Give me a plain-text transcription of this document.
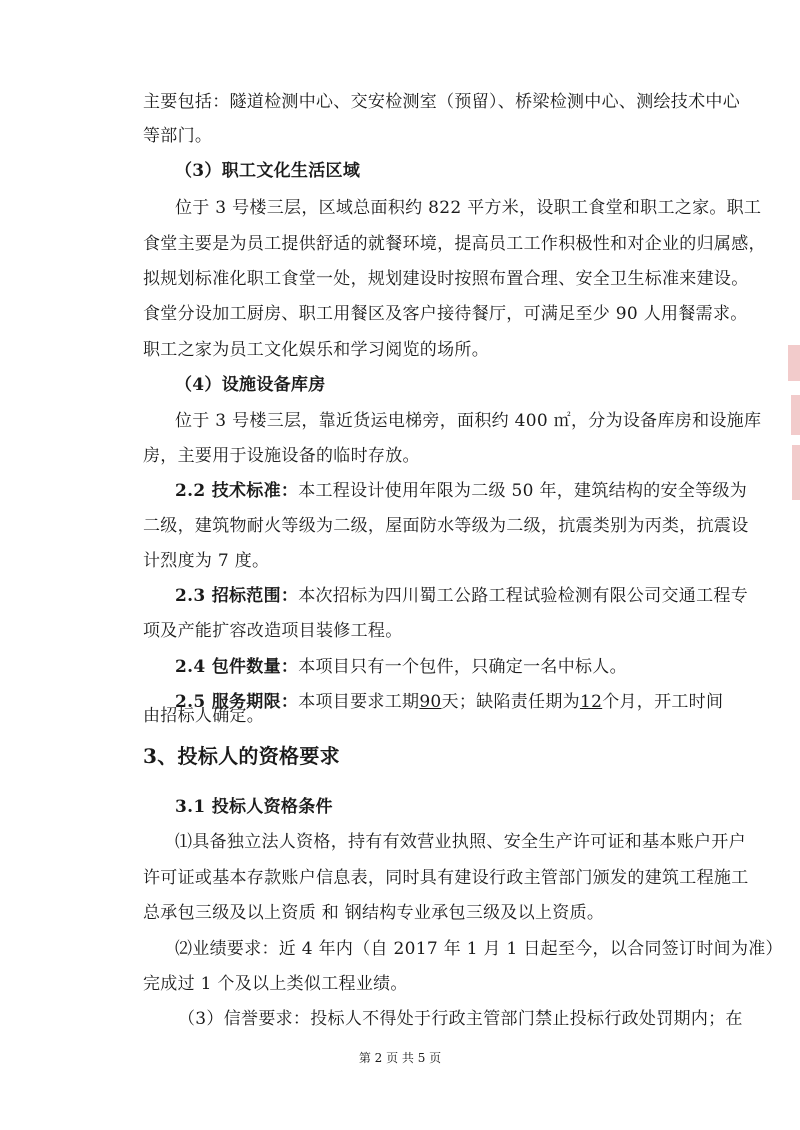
主要包括：隧道检测中心、交安检测室（预留）、桥梁检测中心、测绘技术中心
等部门。
（3）职工文化生活区域
位于 3 号楼三层，区域总面积约 822 平方米，设职工食堂和职工之家。职工
食堂主要是为员工提供舒适的就餐环境，提高员工工作积极性和对企业的归属感，
拟规划标准化职工食堂一处，规划建设时按照布置合理、安全卫生标准来建设。
食堂分设加工厨房、职工用餐区及客户接待餐厅，可满足至少 90 人用餐需求。
职工之家为员工文化娱乐和学习阅览的场所。
（4）设施设备库房
位于 3 号楼三层，靠近货运电梯旁，面积约 400 ㎡，分为设备库房和设施库
房，主要用于设施设备的临时存放。
2.2 技术标准：本工程设计使用年限为二级 50 年，建筑结构的安全等级为
二级，建筑物耐火等级为二级，屋面防水等级为二级，抗震类别为丙类，抗震设
计烈度为 7 度。
2.3 招标范围：本次招标为四川蜀工公路工程试验检测有限公司交通工程专
项及产能扩容改造项目装修工程。
2.4 包件数量：本项目只有一个包件，只确定一名中标人。
2.5 服务期限：本项目要求工期90天；缺陷责任期为12个月，开工时间
由招标人确定。
3、投标人的资格要求
3.1 投标人资格条件
⑴具备独立法人资格，持有有效营业执照、安全生产许可证和基本账户开户
许可证或基本存款账户信息表，同时具有建设行政主管部门颁发的建筑工程施工
总承包三级及以上资质 和 钢结构专业承包三级及以上资质。
⑵业绩要求：近 4 年内（自 2017 年 1 月 1 日起至今，以合同签订时间为准）
完成过 1 个及以上类似工程业绩。
（3）信誉要求：投标人不得处于行政主管部门禁止投标行政处罚期内；在
第 2 页 共 5 页
